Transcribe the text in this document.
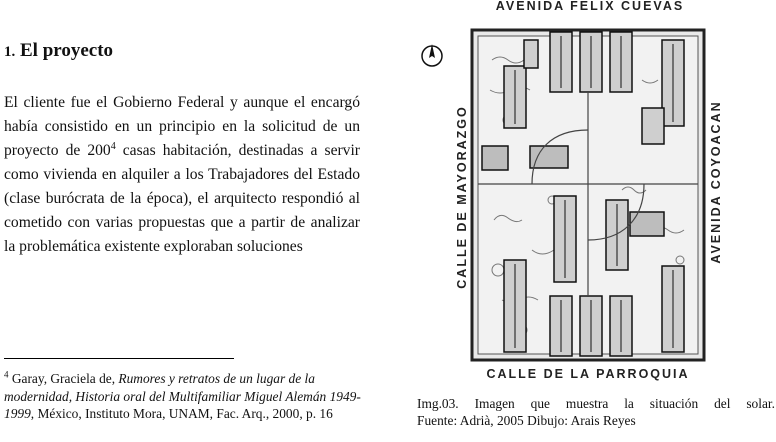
1. El proyecto

El cliente fue el Gobierno Federal y aunque el encargó había consistido en un principio en la solicitud de un proyecto de $200^4$ casas habitación, destinadas a servir como vivienda en alquiler a los Trabajadores del Estado (clase burócrata de la época), el arquitecto respondió al cometido con varias propuestas que a partir de analizar la problemática existente exploraban soluciones

$^4$ Garay, Graciela de, Rumores y retratos de un lugar de la modernidad, Historia oral del Multifamiliar Miguel Alemán 1949-1999, México, Instituto Mora, UNAM, Fac. Arq., 2000, p. 16

AVENIDA FELIX CUEVAS
CALLE DE MAYORAZGO	AVENIDA COYOACAN
CALLE DE LA PARROQUIA

Img.03. Imagen que muestra la situación del solar.
Fuente: Adrià, 2005 Dibujo: Arais Reyes
